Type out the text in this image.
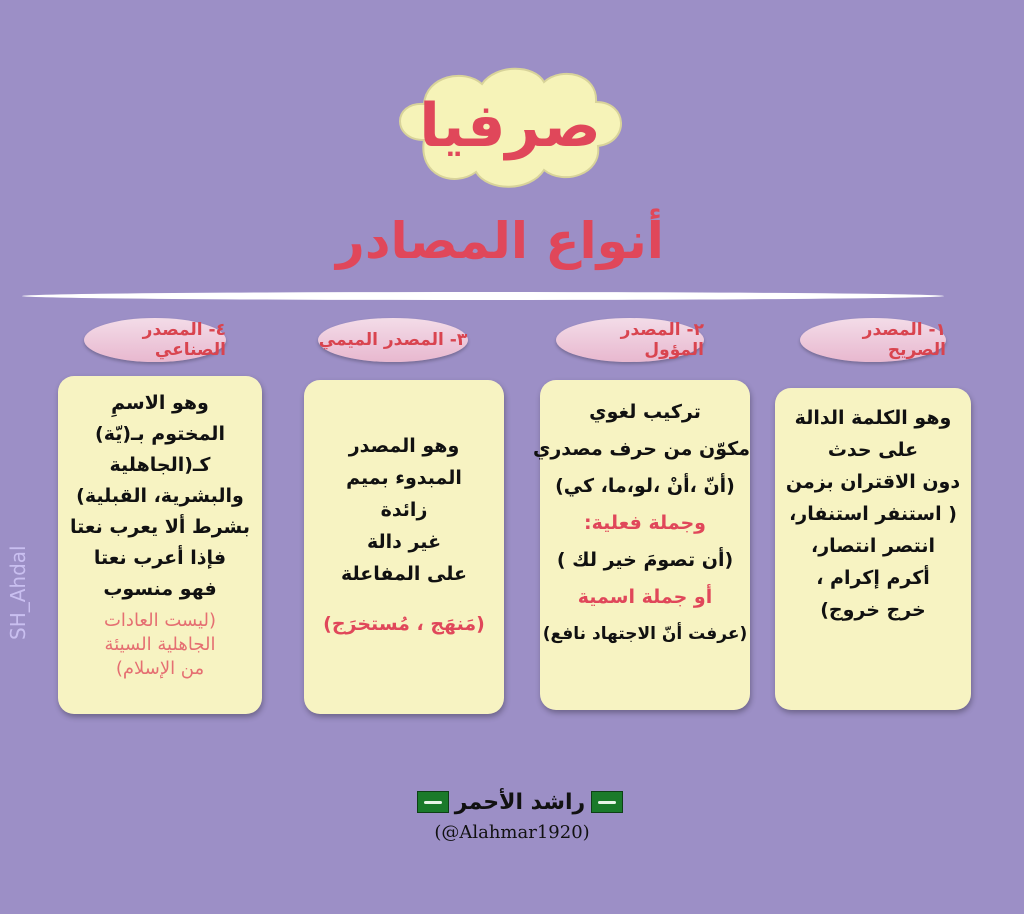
صرفيا
أنواع المصادر
١- المصدر الصريح
وهو الكلمة الدالة
على حدث
دون الاقتران بزمن
( استنفر استنفار،
انتصر انتصار،
أكرم إكرام ،
خرج خروج)
٢- المصدر المؤول
تركيب لغوي
مكوّن من حرف مصدري
(أنّ ،أنْ ،لو،ما، كي)
وجملة فعلية:
(أن تصومَ خير لك )
أو جملة اسمية
(عرفت أنّ الاجتهاد نافع)
٣- المصدر الميمي
وهو المصدر
المبدوء بميم
زائدة
غير دالة
على المفاعلة
(مَنهَج ، مُستخرَج)
٤- المصدر الصناعي
وهو الاسمِ
المختوم بـ(يّة)
كـ(الجاهلية
والبشرية، القبلية)
بشرط ألا يعرب نعتا
فإذا أعرب نعتا
فهو منسوب
(ليست العادات
الجاهلية السيئة
من الإسلام)
SH_Ahdal
راشد الأحمر
(@Alahmar1920)
